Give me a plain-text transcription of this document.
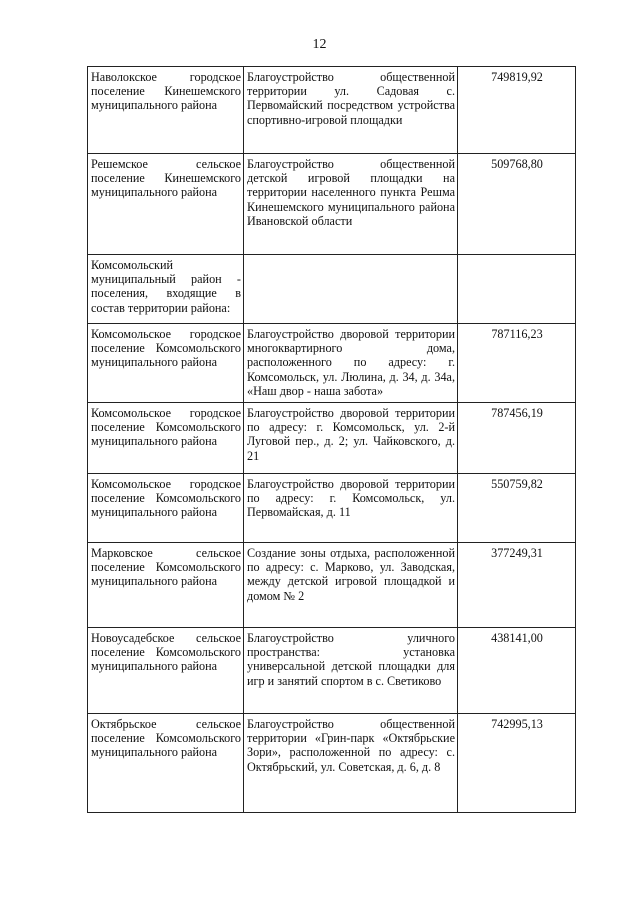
12
Наволокское городское поселение Кинешемского муниципального района	Благоустройство общественной территории ул. Садовая с. Первомайский посредством устройства спортивно-игровой площадки	749819,92
Решемское сельское поселение Кинешемского муниципального района	Благоустройство общественной детской игровой площадки на территории населенного пункта Решма Кинешемского муниципального района Ивановской области	509768,80
Комсомольский муниципальный район - поселения, входящие в состав территории района:		
Комсомольское городское поселение Комсомольского муниципального района	Благоустройство дворовой территории многоквартирного дома, расположенного по адресу: г. Комсомольск, ул. Люлина, д. 34, д. 34а, «Наш двор - наша забота»	787116,23
Комсомольское городское поселение Комсомольского муниципального района	Благоустройство дворовой территории по адресу: г. Комсомольск, ул. 2-й Луговой пер., д. 2; ул. Чайковского, д. 21	787456,19
Комсомольское городское поселение Комсомольского муниципального района	Благоустройство дворовой территории по адресу: г. Комсомольск, ул. Первомайская, д. 11	550759,82
Марковское сельское поселение Комсомольского муниципального района	Создание зоны отдыха, расположенной по адресу: с. Марково, ул. Заводская, между детской игровой площадкой и домом № 2	377249,31
Новоусадебское сельское поселение Комсомольского муниципального района	Благоустройство уличного пространства: установка универсальной детской площадки для игр и занятий спортом в с. Светиково	438141,00
Октябрьское сельское поселение Комсомольского муниципального района	Благоустройство общественной территории «Грин-парк «Октябрьские Зори», расположенной по адресу: с. Октябрьский, ул. Советская, д. 6, д. 8	742995,13
